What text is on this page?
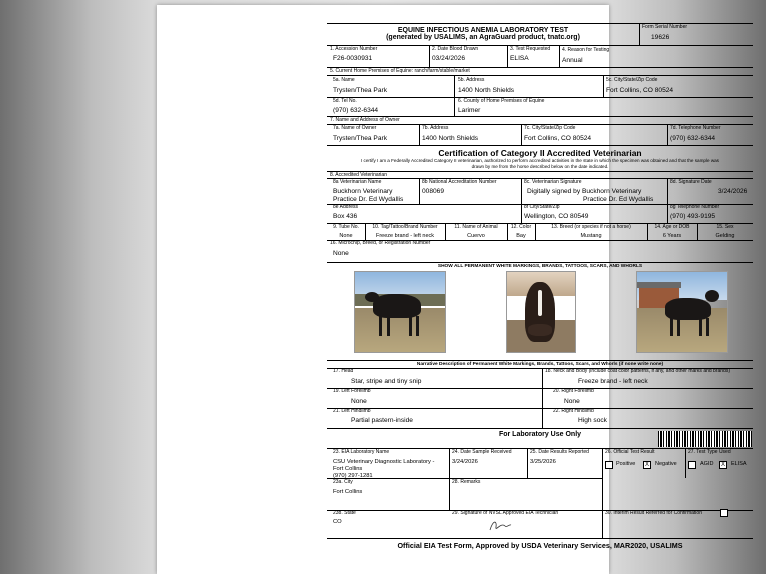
EQUINE INFECTIOUS ANEMIA LABORATORY TEST
(generated by USALIMS, an AgraGuard product, tnatc.org)
Form Serial Number
19626
1. Accession Number
F26-0030931
2. Date Blood Drawn
03/24/2026
3. Test Requested
ELISA
4. Reason for Testing
Annual
5. Current Home Premises of Equine: ranch/farm/stable/market
5a. Name
Trysten/Thea Park
5b. Address
1400 North Shields
5c. City/State/Zip Code
Fort Collins, CO 80524
5d. Tel No.
(970) 632-6344
6. County of Home Premises of Equine
Larimer
7. Name and Address of Owner
7a. Name of Owner
Trysten/Thea Park
7b. Address
1400 North Shields
7c. City/State/Zip Code
Fort Collins, CO 80524
7d. Telephone Number
(970) 632-6344
Certification of Category II Accredited Veterinarian
I certify I am a Federally Accredited Category II veterinarian, authorized to perform accredited activities in the state in which the specimen was obtained and that the sample was
drawn by me from the horse described below on the date indicated.
8. Accredited Veterinarian
8a Veterinarian Name
Buckhorn Veterinary
Practice Dr. Ed Wydallis
8b National Accreditation Number
008069
8c. Veterinarian Signature
Digitally signed by Buckhorn Veterinary
Practice Dr. Ed Wydallis
8d. Signature Date
3/24/2026
8e Address
Box 436
8f City/State/Zip
Wellington, CO 80549
8g Telephone Number
(970) 493-9195
9. Tube No.
None
10. Tag/Tattoo/Brand Number
Freeze brand - left neck
11. Name of Animal
Cuervo
12. Color
Bay
13. Breed (or species if not a horse)
Mustang
14. Age or DOB
6 Years
15. Sex
Gelding
16. Microchip, Breed, or Registration Number
None
SHOW ALL PERMANENT WHITE MARKINGS, BRANDS, TATTOOS, SCARS, AND WHORLS
Narrative Description of Permanent White Markings, Brands, Tattoos, Scars, and Whorls (if none write none)
17. Head
Star, stripe and tiny snip
18. Neck and Body (include coat color patterns, if any, and other marks and brands)
Freeze brand - left neck
19. Left Forelimb
None
20. Right Forelimb
None
21. Left Hindlimb
Partial pastern-inside
22. Right Hindlimb
High sock
For Laboratory Use Only
23. EIA Laboratory Name
CSU Veterinary Diagnostic Laboratory -
Fort Collins
(970) 297-1281
24. Date Sample Received
3/24/2026
25. Date Results Reported
3/25/2026
26. Official Test Result
Positive	X	Negative
27. Test Type Used
AGID	X	ELISA
23a. City
Fort Collins
28. Remarks
23b. State
CO
29. Signature of NVSL Approved EIA Technician	30. Interim Result Referred for Confirmation
Official EIA Test Form, Approved by USDA Veterinary Services, MAR2020, USALIMS
